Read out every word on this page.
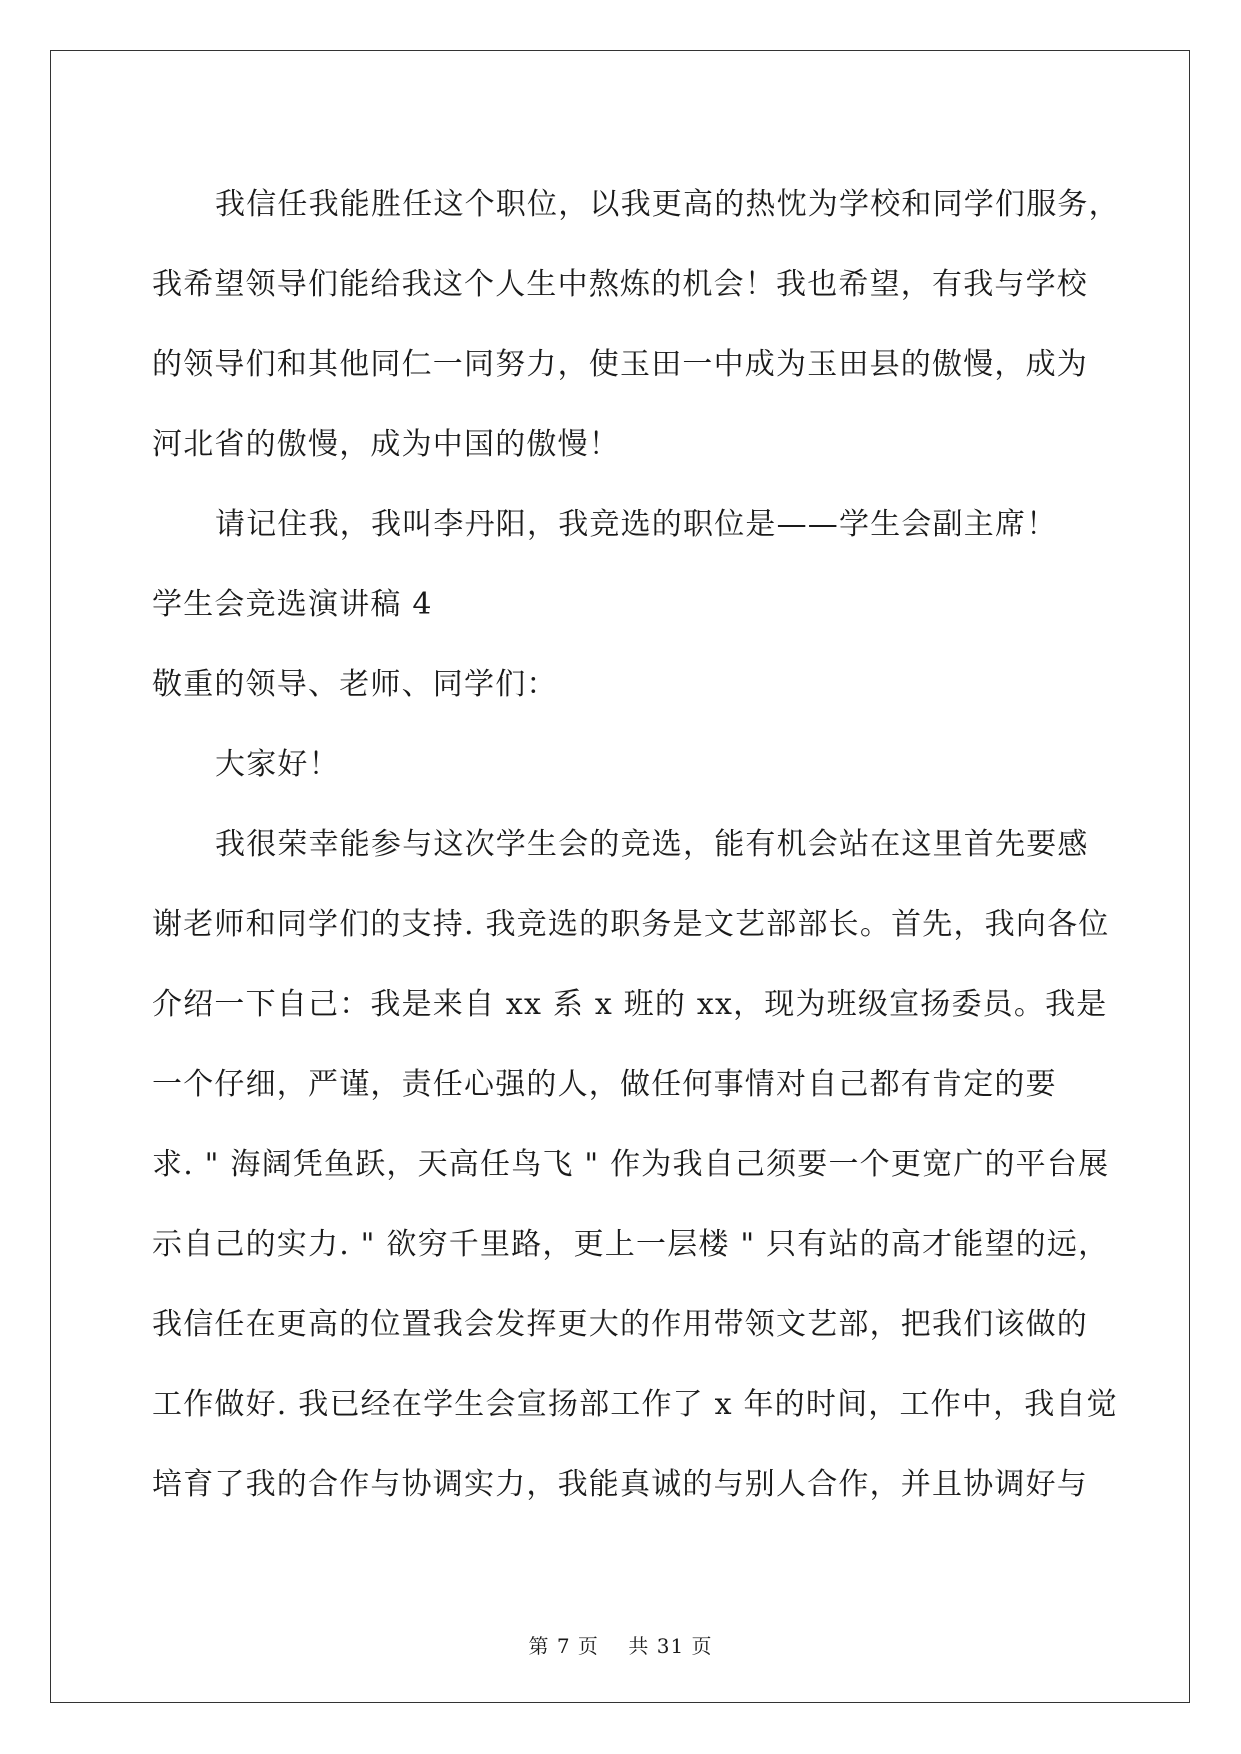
我信任我能胜任这个职位，以我更高的热忱为学校和同学们服务，

我希望领导们能给我这个人生中熬炼的机会！我也希望，有我与学校

的领导们和其他同仁一同努力，使玉田一中成为玉田县的傲慢，成为

河北省的傲慢，成为中国的傲慢！

请记住我，我叫李丹阳，我竞选的职位是——学生会副主席！

学生会竞选演讲稿 4

敬重的领导、老师、同学们：

大家好！

我很荣幸能参与这次学生会的竞选，能有机会站在这里首先要感

谢老师和同学们的支持. 我竞选的职务是文艺部部长。首先，我向各位

介绍一下自己：我是来自 xx 系 x 班的 xx，现为班级宣扬委员。我是

一个仔细，严谨，责任心强的人，做任何事情对自己都有肯定的要

求. " 海阔凭鱼跃，天高任鸟飞 " 作为我自己须要一个更宽广的平台展

示自己的实力. " 欲穷千里路，更上一层楼 " 只有站的高才能望的远，

我信任在更高的位置我会发挥更大的作用带领文艺部，把我们该做的

工作做好. 我已经在学生会宣扬部工作了 x 年的时间，工作中，我自觉

培育了我的合作与协调实力，我能真诚的与别人合作，并且协调好与

第 7 页 共 31 页
